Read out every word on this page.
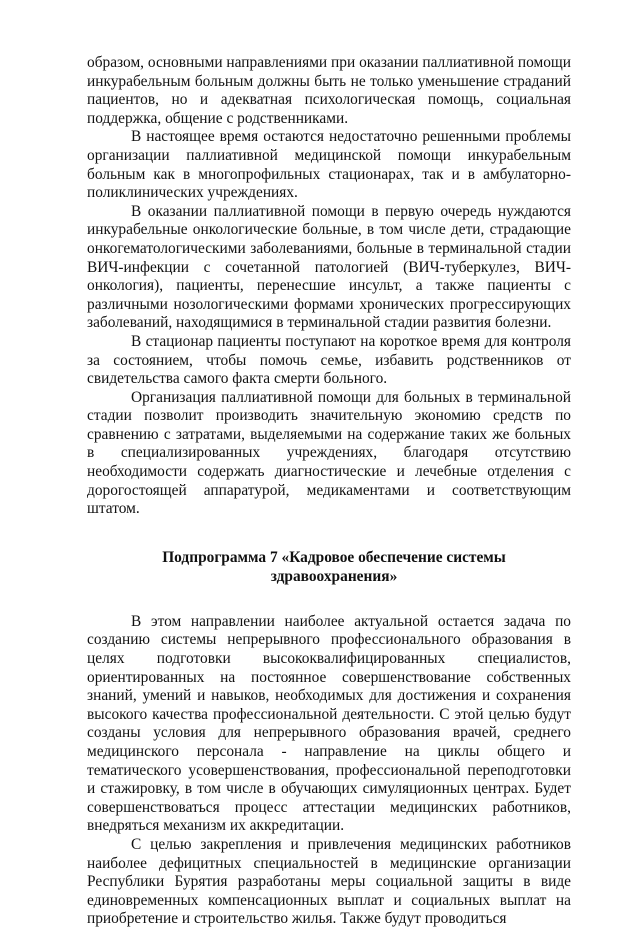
образом, основными направлениями при оказании паллиативной помощи инкурабельным больным должны быть не только уменьшение страданий пациентов, но и адекватная психологическая помощь, социальная поддержка, общение с родственниками.

В настоящее время остаются недостаточно решенными проблемы организации паллиативной медицинской помощи инкурабельным больным как в многопрофильных стационарах, так и в амбулаторно-поликлинических учреждениях.

В оказании паллиативной помощи в первую очередь нуждаются инкурабельные онкологические больные, в том числе дети, страдающие онкогематологическими заболеваниями, больные в терминальной стадии ВИЧ-инфекции с сочетанной патологией (ВИЧ-туберкулез, ВИЧ-онкология), пациенты, перенесшие инсульт, а также пациенты с различными нозологическими формами хронических прогрессирующих заболеваний, находящимися в терминальной стадии развития болезни.

В стационар пациенты поступают на короткое время для контроля за состоянием, чтобы помочь семье, избавить родственников от свидетельства самого факта смерти больного.

Организация паллиативной помощи для больных в терминальной стадии позволит производить значительную экономию средств по сравнению с затратами, выделяемыми на содержание таких же больных в специализированных учреждениях, благодаря отсутствию необходимости содержать диагностические и лечебные отделения с дорогостоящей аппаратурой, медикаментами и соответствующим штатом.

Подпрограмма 7 «Кадровое обеспечение системы

здравоохранения»

В этом направлении наиболее актуальной остается задача по созданию системы непрерывного профессионального образования в целях подготовки высококвалифицированных специалистов, ориентированных на постоянное совершенствование собственных знаний, умений и навыков, необходимых для достижения и сохранения высокого качества профессиональной деятельности. С этой целью будут созданы условия для непрерывного образования врачей, среднего медицинского персонала - направление на циклы общего и тематического усовершенствования, профессиональной переподготовки и стажировку, в том числе в обучающих симуляционных центрах. Будет совершенствоваться процесс аттестации медицинских работников, внедряться механизм их аккредитации.

С целью закрепления и привлечения медицинских работников наиболее дефицитных специальностей в медицинские организации Республики Бурятия разработаны меры социальной защиты в виде единовременных компенсационных выплат и социальных выплат на приобретение и строительство жилья. Также будут проводиться
